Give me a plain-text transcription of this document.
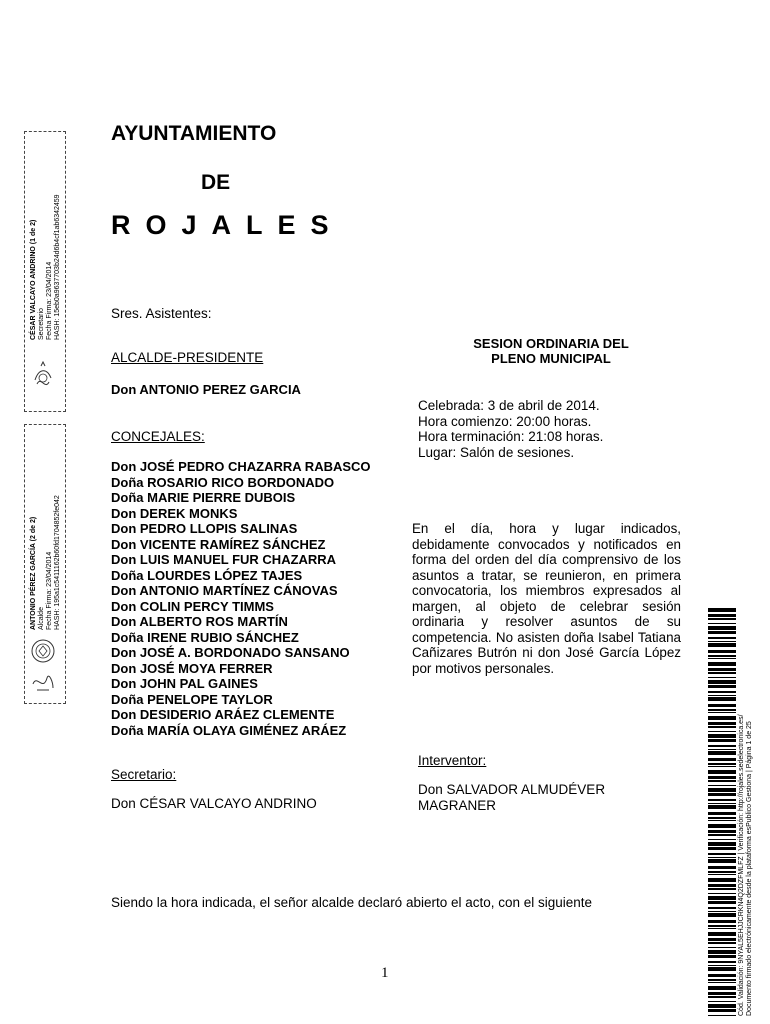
AYUNTAMIENTO
DE
ROJALES
Sres. Asistentes:
ALCALDE-PRESIDENTE
Don ANTONIO PEREZ GARCIA
CONCEJALES:
Don JOSÉ PEDRO CHAZARRA RABASCO
Doña ROSARIO RICO BORDONADO
Doña MARIE PIERRE DUBOIS
Don DEREK MONKS
Don PEDRO LLOPIS SALINAS
Don VICENTE RAMÍREZ SÁNCHEZ
Don LUIS MANUEL FUR CHAZARRA
Doña LOURDES LÓPEZ TAJES
Don ANTONIO MARTÍNEZ CÁNOVAS
Don COLIN PERCY TIMMS
Don ALBERTO ROS MARTÍN
Doña IRENE RUBIO SÁNCHEZ
Don JOSÉ A. BORDONADO SANSANO
Don JOSÉ MOYA FERRER
Don JOHN PAL GAINES
Doña PENELOPE TAYLOR
Don DESIDERIO ARÁEZ CLEMENTE
Doña MARÍA OLAYA GIMÉNEZ ARÁEZ
Secretario:
Don CÉSAR VALCAYO ANDRINO
SESION ORDINARIA DEL
PLENO MUNICIPAL
Celebrada: 3 de abril de 2014.
Hora comienzo: 20:00 horas.
Hora terminación: 21:08 horas.
Lugar: Salón de sesiones.
En el día, hora y lugar indicados, debidamente convocados y notificados en forma del orden del día comprensivo de los asuntos a tratar, se reunieron, en primera convocatoria, los miembros expresados al margen, al objeto de celebrar sesión ordinaria y resolver asuntos de su competencia. No asisten doña Isabel Tatiana Cañizares Butrón ni don José García López por motivos personales.
Interventor:
Don SALVADOR ALMUDÉVER
MAGRANER
Siendo la hora indicada, el señor alcalde declaró abierto el acto, con el siguiente
1
CÉSAR VALCAYO ANDRINO (1 de 2) Secretario Fecha Firma: 23/04/2014 HASH: 15eb0a9637703b24d6b4cf1ab6342459
ANTONIO PÉREZ GARCÍA (2 de 2) Alcalde Fecha Firma: 23/04/2014 HASH: 195a1c5411162b60fd1704852fe042
Cód. Validación: 9NYAL5EHJJCRKN4Q2DZFMLFZ | Verificación: http://rojales.sedelectronica.es/ Documento firmado electrónicamente desde la plataforma esPublico Gestiona | Página 1 de 25
